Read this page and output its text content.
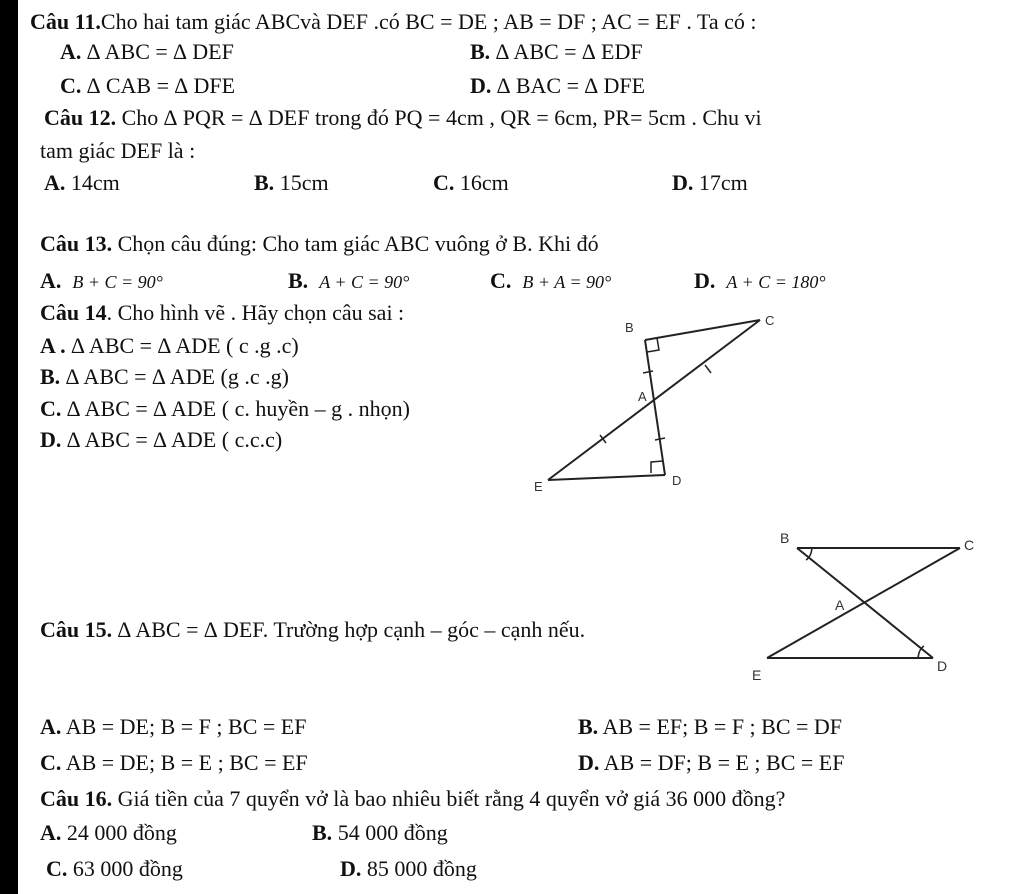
Câu 11.Cho hai tam giác ABCvà DEF .có BC = DE ; AB = DF ; AC = EF . Ta có :
A. ∆ ABC = ∆ DEF	B. ∆ ABC = ∆ EDF
C. ∆ CAB = ∆ DFE	D. ∆ BAC = ∆ DFE
Câu 12. Cho ∆ PQR = ∆ DEF trong đó PQ = 4cm , QR = 6cm, PR= 5cm . Chu vi
tam giác DEF là :
A. 14cm	B. 15cm	C. 16cm	D. 17cm
Câu 13. Chọn câu đúng: Cho tam giác ABC vuông ở B. Khi đó
A. B + C = 90°	B. A + C = 90°	C. B + A = 90°	D. A + C = 180°
Câu 14. Cho hình vẽ . Hãy chọn câu sai :
A . ∆ ABC = ∆ ADE ( c .g .c)
B. ∆ ABC = ∆ ADE (g .c .g)
C. ∆ ABC = ∆ ADE ( c. huyền – g . nhọn)
D. ∆ ABC = ∆ ADE ( c.c.c)
B	C
A
E	D
Câu 15. ∆ ABC = ∆ DEF. Trường hợp cạnh – góc – cạnh nếu.
B	C
A
E
D
A. AB = DE; B = F ; BC = EF	B. AB = EF; B = F ; BC = DF
C. AB = DE; B = E ; BC = EF	D. AB = DF; B = E ; BC = EF
Câu 16. Giá tiền của 7 quyển vở là bao nhiêu biết rằng 4 quyển vở giá 36 000 đồng?
A. 24 000 đồng	B. 54 000 đồng
C. 63 000 đồng	D. 85 000 đồng
